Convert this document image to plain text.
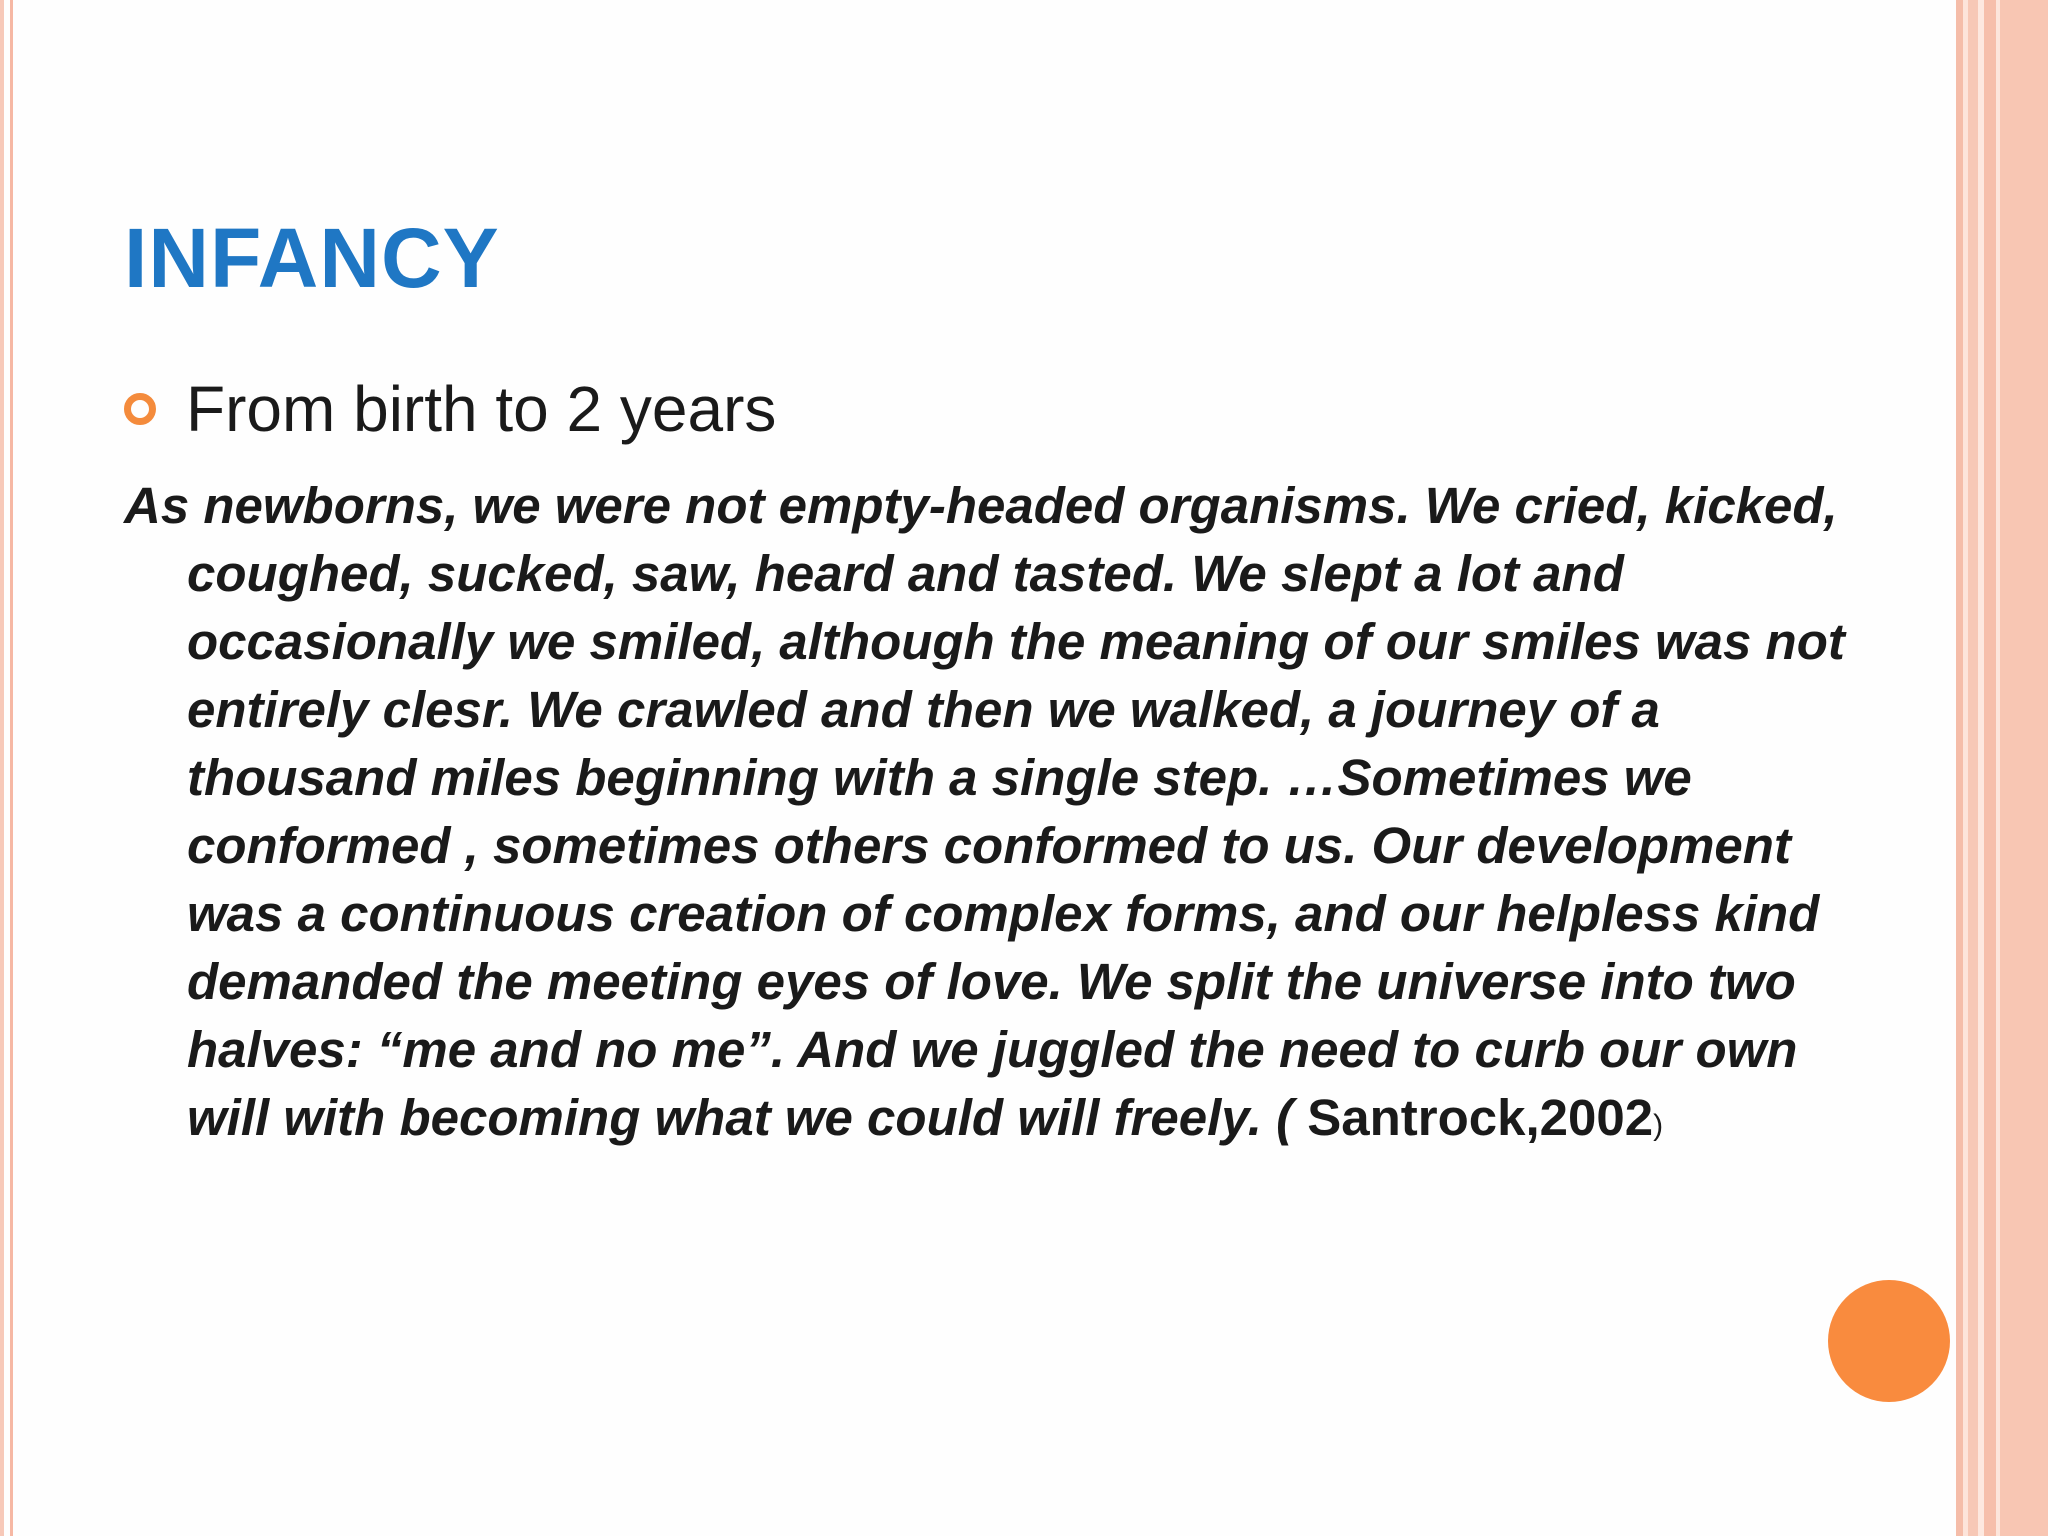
INFANCY
From birth to 2 years

As newborns, we were not empty-headed organisms. We cried, kicked, coughed, sucked, saw, heard and tasted. We slept a lot and occasionally we smiled, although the meaning of our smiles was not entirely clesr. We crawled and then we walked, a journey of a thousand miles beginning with a single step. …Sometimes we conformed , sometimes others conformed to us. Our development was a continuous creation of complex forms, and our helpless kind demanded the meeting eyes of love. We split the universe into two halves: “me and no me”. And we juggled the need to curb our own will with becoming what we could will freely. ( Santrock,2002)
